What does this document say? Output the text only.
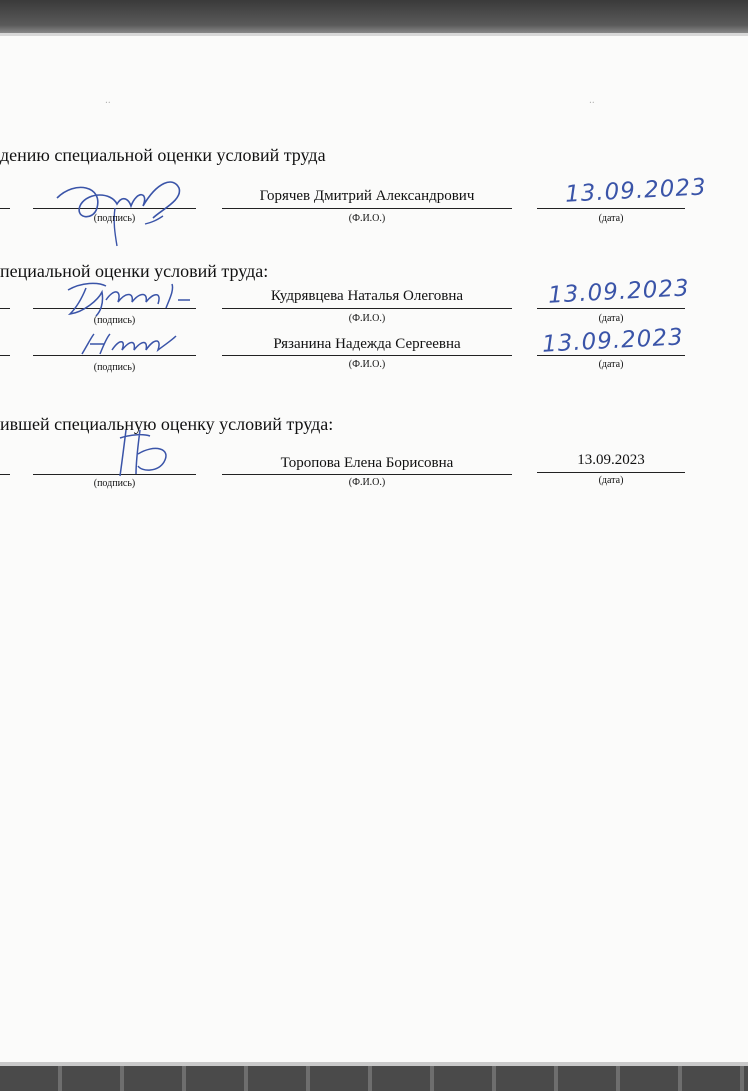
᠂᠂	᠂᠂
дению специальной оценки условий труда
(подпись)
Горячев Дмитрий Александрович
(Ф.И.О.)
13.09.2023
(дата)
пециальной оценки условий труда:
(подпись)
Кудрявцева Наталья Олеговна
(Ф.И.О.)
13.09.2023
(дата)
(подпись)
Рязанина Надежда Сергеевна
(Ф.И.О.)
13.09.2023
(дата)
ившей специальную оценку условий труда:
(подпись)
Торопова Елена Борисовна
(Ф.И.О.)
13.09.2023
(дата)
